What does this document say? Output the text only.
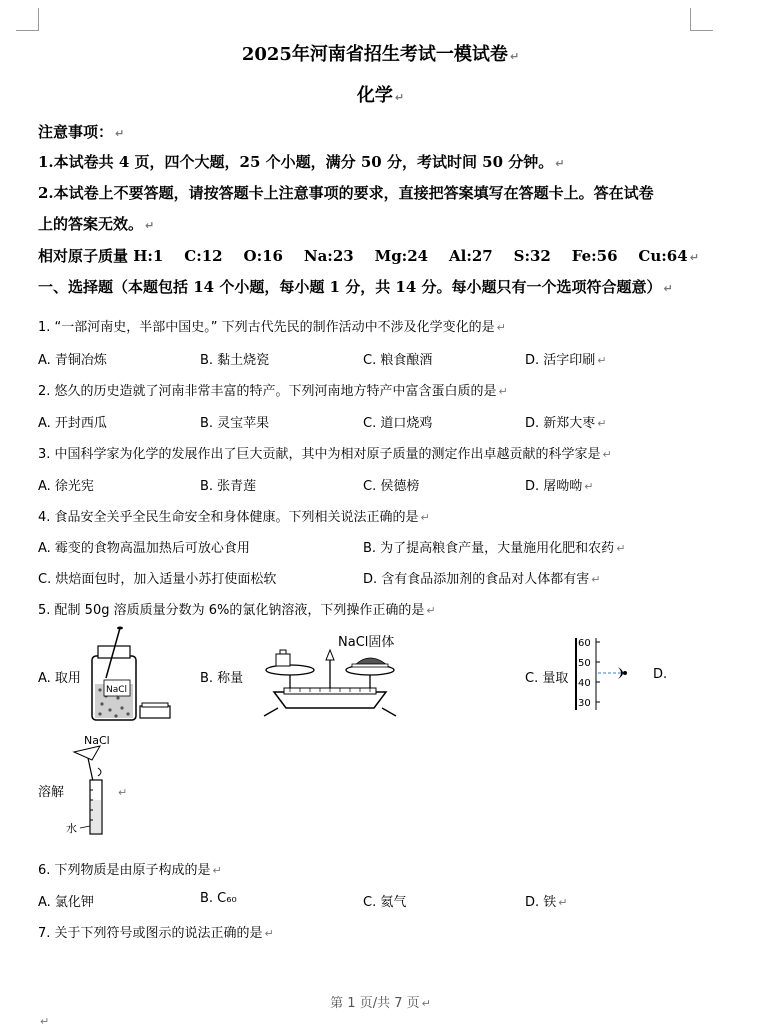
2025年河南省招生考试一模试卷 ↵
化学 ↵
注意事项： ↵
1.本试卷共 4 页，四个大题，25 个小题，满分 50 分，考试时间 50 分钟。 ↵
2.本试卷上不要答题，请按答题卡上注意事项的要求，直接把答案填写在答题卡上。答在试卷
上的答案无效。 ↵
相对原子质量 H:1    C:12    O:16    Na:23    Mg:24    Al:27    S:32    Fe:56    Cu:64 ↵
一、选择题（本题包括 14 个小题，每小题 1 分，共 14 分。每小题只有一个选项符合题意） ↵
1. “一部河南史，半部中国史。” 下列古代先民的制作活动中不涉及化学变化的是 ↵
A. 青铜冶炼	B. 黏土烧瓷	C. 粮食酿酒	D. 活字印刷 ↵
2. 悠久的历史造就了河南非常丰富的特产。下列河南地方特产中富含蛋白质的是 ↵
A. 开封西瓜	B. 灵宝苹果	C. 道口烧鸡	D. 新郑大枣 ↵
3. 中国科学家为化学的发展作出了巨大贡献，其中为相对原子质量的测定作出卓越贡献的科学家是 ↵
A. 徐光宪	B. 张青莲	C. 侯德榜	D. 屠呦呦 ↵
4. 食品安全关乎全民生命安全和身体健康。下列相关说法正确的是 ↵
A. 霉变的食物高温加热后可放心食用	B. 为了提高粮食产量，大量施用化肥和农药 ↵
C. 烘焙面包时，加入适量小苏打使面松软	D. 含有食品添加剂的食品对人体都有害 ↵
5. 配制 50g 溶质质量分数为 6%的氯化钠溶液，下列操作正确的是 ↵
A. 取用
NaCl
B. 称量
NaCl固体
C. 量取
60
50
40
30
D.
NaCl
水
溶解	↵
6. 下列物质是由原子构成的是 ↵
A. 氯化钾	B. C₆₀	C. 氦气	D. 铁 ↵
7. 关于下列符号或图示的说法正确的是 ↵
第 1 页/共 7 页 ↵
↵
